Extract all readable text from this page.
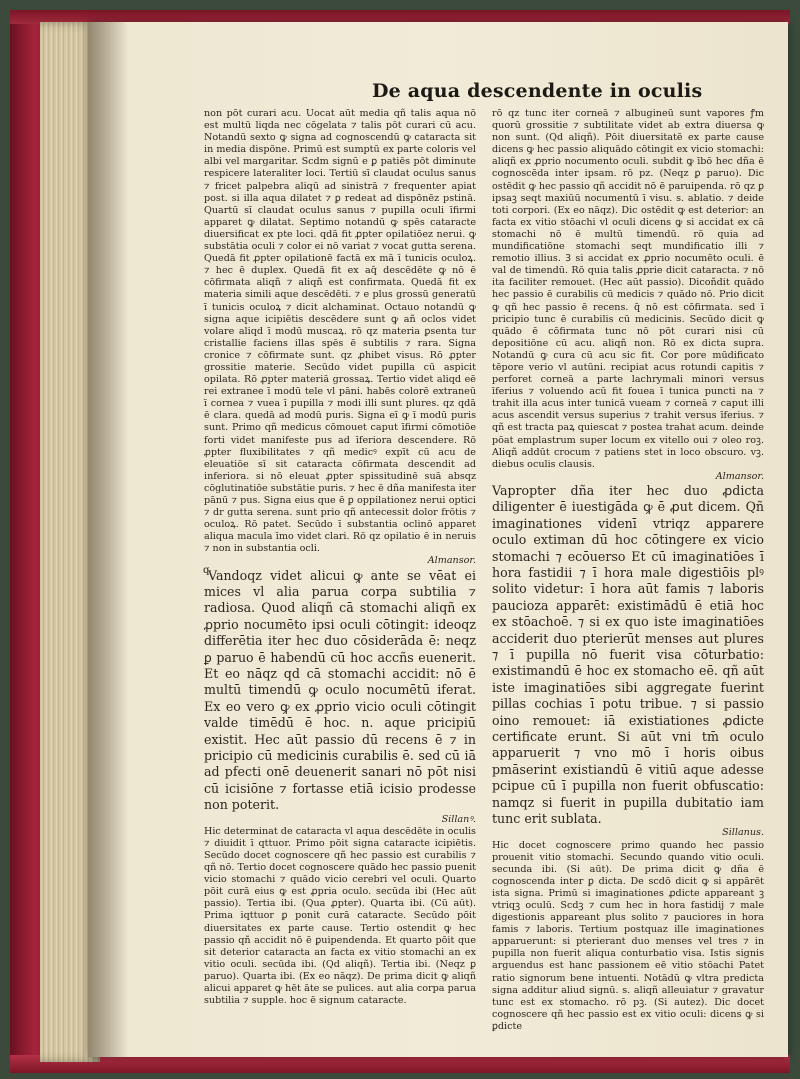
De aqua descendente in oculis

non pōt curari acu. Uocat aūt media qñ talis aqua nō est multū liqda nec cōgelata ⁊ talis pōt curari cū acu. Notandū sexto ꝙ signa ad cognoscendū ꝙ cataracta sit in media dispōne. Primū est sumptū ex parte coloris vel albi vel margaritar. Scdm signū e ꝑ patiēs pōt diminute respicere lateraliter loci. Tertiū sī claudat oculus sanus ⁊ fricet palpebra aliqū ad sinistrā ⁊ frequenter apiat post. si illa aqua dilatet ⁊ ꝑ redeat ad dispōnēz pstinā. Quartū sī claudat oculus sanus ⁊ pupilla oculi īfirmi apparet ꝙ dilatat. Septimo notandū ꝙ spēs cataracte diuersificat ex pte loci. qdā fit ꝓpter opilatiōez nerui. ꝙ substātia oculi ⁊ color ei nō variat ⁊ vocat gutta serena. Quedā fit ꝓpter opilationē factā ex mā ī tunicis oculoꝝ. ⁊ hec ē duplex. Quedā fit ex aq̄ descēdēte ꝙ nō ē cōfirmata aliqñ ⁊ aliqñ est confirmata. Quedā fit ex materia simili aque descēdēti. ⁊ e plus grossū generatū ī tunicis oculoꝝ ⁊ dicit alchaminat. Octauo notandū ꝙ signa aque icipiētis descēdere sunt ꝙ añ oclos videt volare aliqd ī modū muscaꝝ. rō qz materia ꝑsenta tur cristallie faciens illas spēs ē subtilis ⁊ rara. Signa cronice ⁊ cōfirmate sunt. qz ꝓhibet visus. Rō ꝓpter grossitie materie. Secūdo videt pupilla cū aspicit opilata. Rō ꝓpter materiā grossaꝝ. Tertio videt aliqd eē rei extranee ī modū tele vl pāni. habēs colorē extraneū ī cornea ⁊ vuea ī pupilla ⁊ modi illi sunt plures. qz qdā ē clara. quedā ad modū puris. Signa eī ꝙ ī modū puris sunt. Primo qñ medicus cōmouet caput īfirmi cōmotiōe forti videt manifeste pus ad īferiora descendere. Rō ꝓpter fluxibilitates ⁊ qñ medicꝰ expīt cū acu de eleuatiōe sī sit cataracta cōfirmata descendit ad inferiora. si nō eleuat ꝓpter spissitudinē suā absqz cōglutinatiōe substātie puris. ⁊ hec ē dña manifesta iter pānū ⁊ pus. Signa eius que ē ꝑ oppilationez nerui optici ⁊ dr gutta serena. sunt prio qñ antecessit dolor frōtis ⁊ oculoꝝ. Rō patet. Secūdo ī substantia oclinō apparet aliqua macula īmo videt clari. Rō qz opilatio ē in neruis ⁊ non in substantia ocli.

Almansor.

Vandoqz videt alicui ꝙ ante se vēat ei mices vl alia parua corpa subtilia ⁊ radiosa. Quod aliqñ cā stomachi aliqñ ex ꝓprio nocumēto ipsi oculi cōtingit: ideoqz differētia iter hec duo cōsiderāda ē: neqz ꝑ paruo ē habendū cū hoc accñs euenerit. Et eo nāqz qd cā stomachi accidit: nō ē multū timendū ꝙ oculo nocumētū iferat. Ex eo vero ꝙ ex ꝓprio vicio oculi cōtingit valde timēdū ē hoc. n. aque pricipiū existit. Hec aūt passio dū recens ē ⁊ in pricipio cū medicinis curabilis ē. sed cū iā ad pfecti onē deuenerit sanari nō pōt nisi cū icisiōne ⁊ fortasse etiā icisio prodesse non poterit.

Sillanꝰ.

Hic determinat de cataracta vl aqua descēdēte in oculis ⁊ diuidit ī qttuor. Primo pōit signa cataracte icipiētis. Secūdo docet cognoscere qñ hec passio est curabilis ⁊ qñ nō. Tertio docet cognoscere quādo hec passio puenit vicio stomachi ⁊ quādo vicio cerebri vel oculi. Quarto pōit curā eius ꝙ est ꝓpria oculo. secūda ibi (Hec aūt passio). Tertia ibi. (Qua ꝓpter). Quarta ibi. (Cū aūt). Prima iqttuor ꝑ ponit curā cataracte. Secūdo pōit diuersitates ex parte cause. Tertio ostendit ꝙ hec passio qñ accidit nō ē ꝑuipendenda. Et quarto pōit que sit deterior cataracta an facta ex vitio stomachi an ex vitio oculi. secūda ibi. (Qd aliqñ). Tertia ibi. (Neqz ꝑ paruo). Quarta ibi. (Ex eo nāqz). De prima dicit ꝙ aliqñ alicui apparet ꝙ hēt āte se pulices. aut alia corpa parua subtilia ⁊ supple. hoc ē signum cataracte.

q

rō qz tunc iter corneā ⁊ albugineū sunt vapores ꝭm quorū grossitie ⁊ subtilitate videt ab extra diuersa ꝙ non sunt. (Qd aliqñ). Pōit diuersitatē ex parte cause dicens ꝙ hec passio aliquādo cōtingit ex vicio stomachi: aliqñ ex ꝓprio nocumento oculi. subdit ꝙ ībō hec dña ē cognoscēda inter ipsam. rō pz. (Neqz ꝑ paruo). Dic ostēdit ꝙ hec passio qñ accidit nō ē paruipenda. rō qz ꝑ ipsaꝫ seqt maxiūū nocumentū ī visu. s. ablatio. ⁊ deide toti corpori. (Ex eo nāqz). Dic ostēdit ꝙ est deterior: an facta ex vitio stōachi vl oculi dicens ꝙ si accidat ex cā stomachi nō ē multū timendū. rō quia ad mundificatiōne stomachi seqt mundificatio illi ⁊ remotio illius. Ꝫ si accidat ex ꝓprio nocumēto oculi. ē val de timendū. Rō quia talis ꝓprie dicit cataracta. ⁊ nō ita faciliter remouet. (Hec aūt passio). Dicoñdit quādo hec passio ē curabilis cū medicis ⁊ quādo nō. Prio dicit ꝙ qñ hec passio ē recens. q̄ nō est cōfirmata. sed ī pricipio tunc ē curabilis cū medicinis. Secūdo dicit ꝙ quādo ē cōfirmata tunc nō pōt curari nisi cū depositiōne cū acu. aliqñ non. Rō ex dicta supra. Notandū ꝙ cura cū acu sic fit. Cor pore mūdificato tēpore verio vl autūni. recipiat acus rotundi capitis ⁊ perforet corneā a parte lachrymali minori versus īferius ⁊ voluendo acū fit fouea ī tunica puncti na ⁊ trahit illa acus inter tunicā vueam ⁊ corneā ⁊ caput illi acus ascendit versus superius ⁊ trahit versus īferius. ⁊ qñ est tracta paꝝ quiescat ⁊ postea trahat acum. deinde pōat emplastrum super locum ex vitello oui ⁊ oleo roꝫ. Aliqñ addūt crocum ⁊ patiens stet in loco obscuro. vꝫ. diebus oculis clausis.

Almansor.

Vapropter dña iter hec duo ꝓdicta diligenter ē iuestigāda ꝙ ē ꝓut dicem. Qñ imaginationes videnī vtriqz apparere oculo extiman dū hoc cōtingere ex vicio stomachi ⁊ ecōuerso Et cū imaginatiōes ī hora fastidii ⁊ ī hora male digestiōis plꝰ solito videtur: ī hora aūt famis ⁊ laboris paucioza apparēt: existimādū ē etiā hoc ex stōachoē. ⁊ si ex quo iste imaginatiōes acciderit duo pterierūt menses aut plures ⁊ ī pupilla nō fuerit visa cōturbatio: existimandū ē hoc ex stomacho eē. qñ aūt iste imaginatiōes sibi aggregate fuerint pillas cochias ī potu tribue. ⁊ si passio oino remouet: iā existiationes ꝓdicte certificate erunt. Si aūt vni tm̄ oculo apparuerit ⁊ vno mō ī horis oibus pmāserint existiandū ē vitiū aque adesse pcipue cū ī pupilla non fuerit obfuscatio: namqz si fuerit in pupilla dubitatio iam tunc erit sublata.

Sillanus.

Hic docet cognoscere primo quando hec passio prouenit vitio stomachi. Secundo quando vitio oculi. secunda ibi. (Si aūt). De prima dicit ꝙ dña ē cognoscenda inter ꝑ dicta. De scdō dicit ꝙ si appārēt ista signa. Primū si imaginationes ꝓdicte appareant ꝫ vtriqꝫ oculū. Scdꝫ ⁊ cum hec in hora fastidij ⁊ male digestionis appareant plus solito ⁊ pauciores in hora famis ⁊ laboris. Tertium postquaz ille imaginationes apparuerunt: si pterierant duo menses vel tres ⁊ in pupilla non fuerit aliqua conturbatio visa. Istis signis arguendus est hanc passionem eē vitio stōachi Patet ratio signorum bene intuenti. Notādū ꝙ vltra predicta signa additur aliud signū. s. aliqñ alleuiatur ⁊ gravatur tunc est ex stomacho. rō pꝫ. (Si autez). Dic docet cognoscere qñ hec passio est ex vitio oculi: dicens ꝙ si ꝑdicte
